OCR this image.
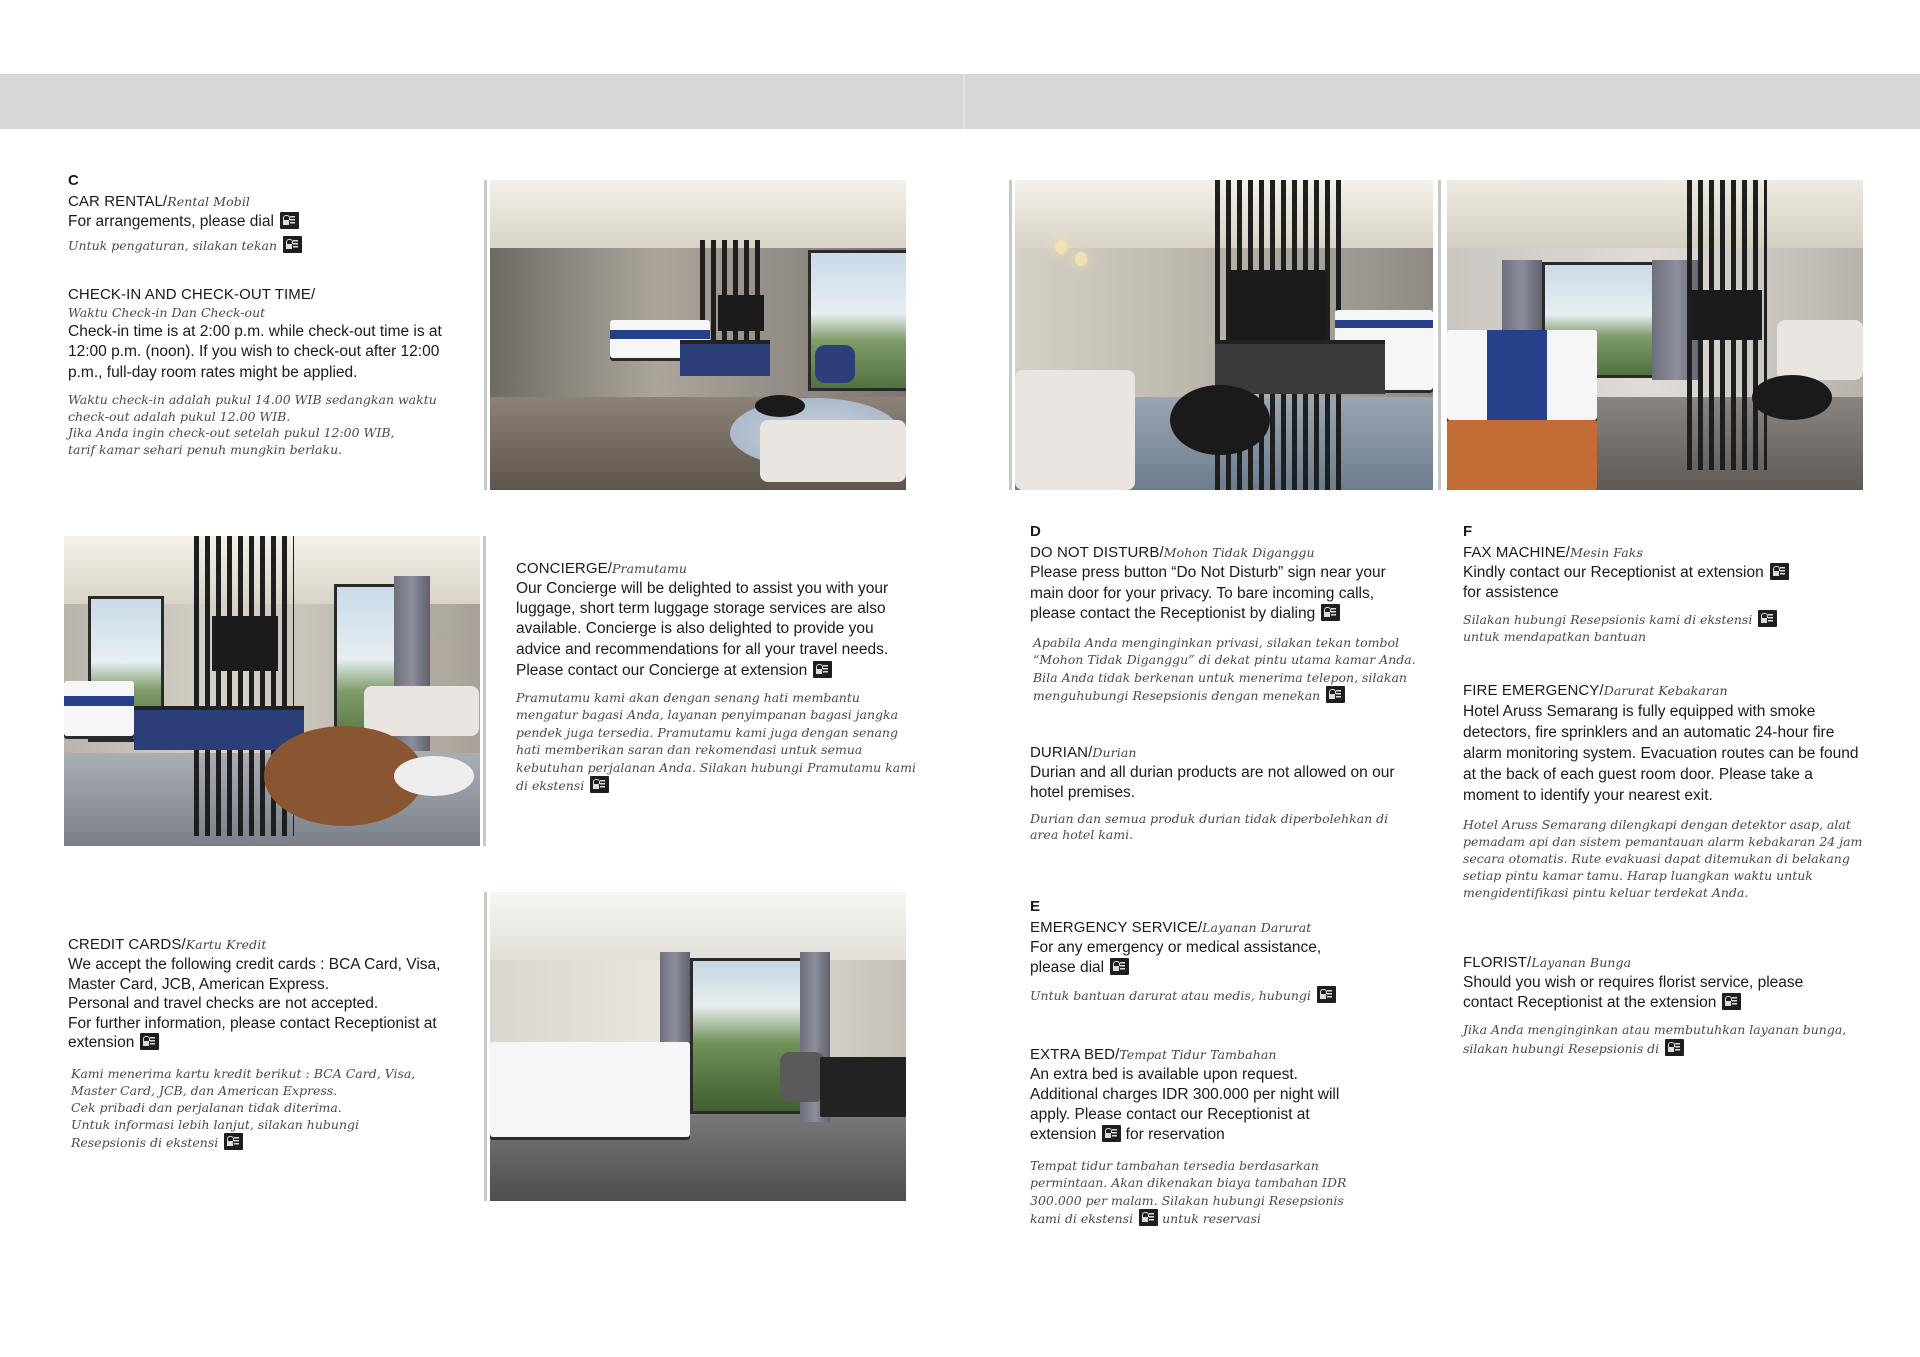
C
CAR RENTAL/Rental Mobil
For arrangements, please dial
Untuk pengaturan, silakan tekan
CHECK-IN AND CHECK-OUT TIME/
Waktu Check-in Dan Check-out
Check-in time is at 2:00 p.m. while check-out time is at 12:00 p.m. (noon). If you wish to check-out after 12:00 p.m., full-day room rates might be applied.
Waktu check-in adalah pukul 14.00 WIB sedangkan waktu check-out adalah pukul 12.00 WIB.
Jika Anda ingin check-out setelah pukul 12:00 WIB, tarif kamar sehari penuh mungkin berlaku.
CONCIERGE/Pramutamu
Our Concierge will be delighted to assist you with your luggage, short term luggage storage services are also available. Concierge is also delighted to provide you advice and recommendations for all your travel needs.
Please contact our Concierge at extension
Pramutamu kami akan dengan senang hati membantu mengatur bagasi Anda, layanan penyimpanan bagasi jangka pendek juga tersedia. Pramutamu kami juga dengan senang hati memberikan saran dan rekomendasi untuk semua kebutuhan perjalanan Anda. Silakan hubungi Pramutamu kami di ekstensi
CREDIT CARDS/Kartu Kredit
We accept the following credit cards : BCA Card, Visa, Master Card, JCB, American Express.
Personal and travel checks are not accepted.
For further information, please contact Receptionist at extension
Kami menerima kartu kredit berikut : BCA Card, Visa, Master Card, JCB, dan American Express.
Cek pribadi dan perjalanan tidak diterima.
Untuk informasi lebih lanjut, silakan hubungi Resepsionis di ekstensi
D
DO NOT DISTURB/Mohon Tidak Diganggu
Please press button “Do Not Disturb” sign near your main door for your privacy. To bare incoming calls, please contact the Receptionist by dialing
Apabila Anda menginginkan privasi, silakan tekan tombol “Mohon Tidak Diganggu” di dekat pintu utama kamar Anda. Bila Anda tidak berkenan untuk menerima telepon, silakan menguhubungi Resepsionis dengan menekan
DURIAN/Durian
Durian and all durian products are not allowed on our hotel premises.
Durian dan semua produk durian tidak diperbolehkan di area hotel kami.
E
EMERGENCY SERVICE/Layanan Darurat
For any emergency or medical assistance, please dial
Untuk bantuan darurat atau medis, hubungi
EXTRA BED/Tempat Tidur Tambahan
An extra bed is available upon request. Additional charges IDR 300.000 per night will apply. Please contact our Receptionist at extension for reservation
Tempat tidur tambahan tersedia berdasarkan permintaan. Akan dikenakan biaya tambahan IDR 300.000 per malam. Silakan hubungi Resepsionis kami di ekstensi untuk reservasi
F
FAX MACHINE/Mesin Faks
Kindly contact our Receptionist at extension
for assistence
Silakan hubungi Resepsionis kami di ekstensi
untuk mendapatkan bantuan
FIRE EMERGENCY/Darurat Kebakaran
Hotel Aruss Semarang is fully equipped with smoke detectors, fire sprinklers and an automatic 24-hour fire alarm monitoring system. Evacuation routes can be found at the back of each guest room door. Please take a moment to identify your nearest exit.
Hotel Aruss Semarang dilengkapi dengan detektor asap, alat pemadam api dan sistem pemantauan alarm kebakaran 24 jam secara otomatis. Rute evakuasi dapat ditemukan di belakang setiap pintu kamar tamu. Harap luangkan waktu untuk mengidentifikasi pintu keluar terdekat Anda.
FLORIST/Layanan Bunga
Should you wish or requires florist service, please contact Receptionist at the extension
Jika Anda menginginkan atau membutuhkan layanan bunga, silakan hubungi Resepsionis di
